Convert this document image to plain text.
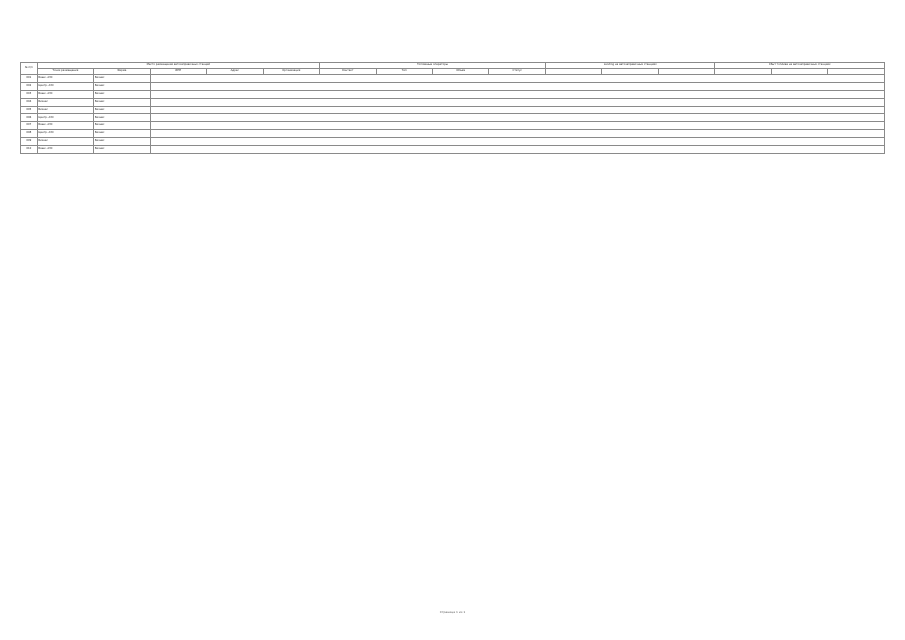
№ п/п	Место размещения автозаправочных станций					Топливные операторы				Landing на автозаправочных станциях			Сбыт топлива на автозаправочных станциях		
	Точки размещения	Фирма	ИНН	Адрес	Организация	Контакт	Тип	Объем	Статус						
001	Башк. АЗС	Бизнес													
002	Центр. АЗС	Бизнес													
003	Башк. АЗС	Бизнес													
004	Бизнес	Бизнес													
005	Бизнес	Бизнес													
006	Центр. АЗС	Бизнес													
007	Башк. АЗС	Бизнес													
008	Центр. АЗС	Бизнес													
009	Бизнес	Бизнес													
010	Башк. АЗС	Бизнес													
Страница 1 из 1
